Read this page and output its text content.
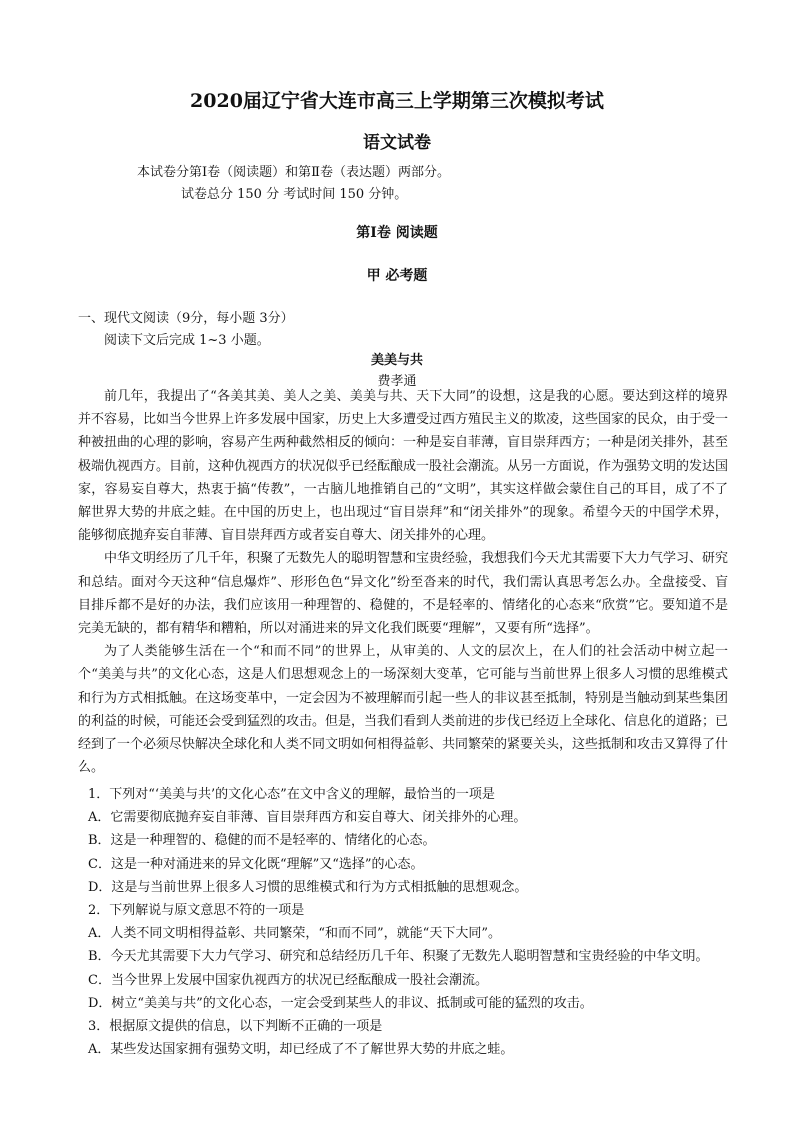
2020届辽宁省大连市高三上学期第三次模拟考试
语文试卷
本试卷分第Ⅰ卷（阅读题）和第Ⅱ卷（表达题）两部分。
试卷总分 150 分 考试时间 150 分钟。
第Ⅰ卷 阅读题
甲 必考题
一、现代文阅读（9分，每小题 3分）
阅读下文后完成 1~3 小题。
美美与共
费孝通

前几年，我提出了“各美其美、美人之美、美美与共、天下大同”的设想，这是我的心愿。要达到这样的境界并不容易，比如当今世界上许多发展中国家，历史上大多遭受过西方殖民主义的欺凌，这些国家的民众，由于受一种被扭曲的心理的影响，容易产生两种截然相反的倾向：一种是妄自菲薄，盲目崇拜西方；一种是闭关排外，甚至极端仇视西方。目前，这种仇视西方的状况似乎已经酝酿成一股社会潮流。从另一方面说，作为强势文明的发达国家，容易妄自尊大，热衷于搞“传教”，一古脑儿地推销自己的“文明”，其实这样做会蒙住自己的耳目，成了不了解世界大势的井底之蛙。在中国的历史上，也出现过“盲目崇拜”和“闭关排外”的现象。希望今天的中国学术界，能够彻底抛弃妄自菲薄、盲目崇拜西方或者妄自尊大、闭关排外的心理。

中华文明经历了几千年，积聚了无数先人的聪明智慧和宝贵经验，我想我们今天尤其需要下大力气学习、研究和总结。面对今天这种“信息爆炸”、形形色色“异文化”纷至沓来的时代，我们需认真思考怎么办。全盘接受、盲目排斥都不是好的办法，我们应该用一种理智的、稳健的，不是轻率的、情绪化的心态来“欣赏”它。要知道不是完美无缺的，都有精华和糟粕，所以对涌进来的异文化我们既要“理解”，又要有所“选择”。

为了人类能够生活在一个“和而不同”的世界上，从审美的、人文的层次上，在人们的社会活动中树立起一个“美美与共”的文化心态，这是人们思想观念上的一场深刻大变革，它可能与当前世界上很多人习惯的思维模式和行为方式相抵触。在这场变革中，一定会因为不被理解而引起一些人的非议甚至抵制，特别是当触动到某些集团的利益的时候，可能还会受到猛烈的攻击。但是，当我们看到人类前进的步伐已经迈上全球化、信息化的道路；已经到了一个必须尽快解决全球化和人类不同文明如何相得益彰、共同繁荣的紧要关头，这些抵制和攻击又算得了什么。

1．下列对“‘美美与共’的文化心态”在文中含义的理解，最恰当的一项是
A．它需要彻底抛弃妄自菲薄、盲目崇拜西方和妄自尊大、闭关排外的心理。
B．这是一种理智的、稳健的而不是轻率的、情绪化的心态。
C．这是一种对涌进来的异文化既“理解”又“选择”的心态。
D．这是与当前世界上很多人习惯的思维模式和行为方式相抵触的思想观念。
2．下列解说与原文意思不符的一项是
A．人类不同文明相得益彰、共同繁荣，“和而不同”，就能“天下大同”。
B．今天尤其需要下大力气学习、研究和总结经历几千年、积聚了无数先人聪明智慧和宝贵经验的中华文明。
C．当今世界上发展中国家仇视西方的状况已经酝酿成一股社会潮流。
D．树立“美美与共”的文化心态，一定会受到某些人的非议、抵制或可能的猛烈的攻击。
3．根据原文提供的信息，以下判断不正确的一项是
A．某些发达国家拥有强势文明，却已经成了不了解世界大势的井底之蛙。
